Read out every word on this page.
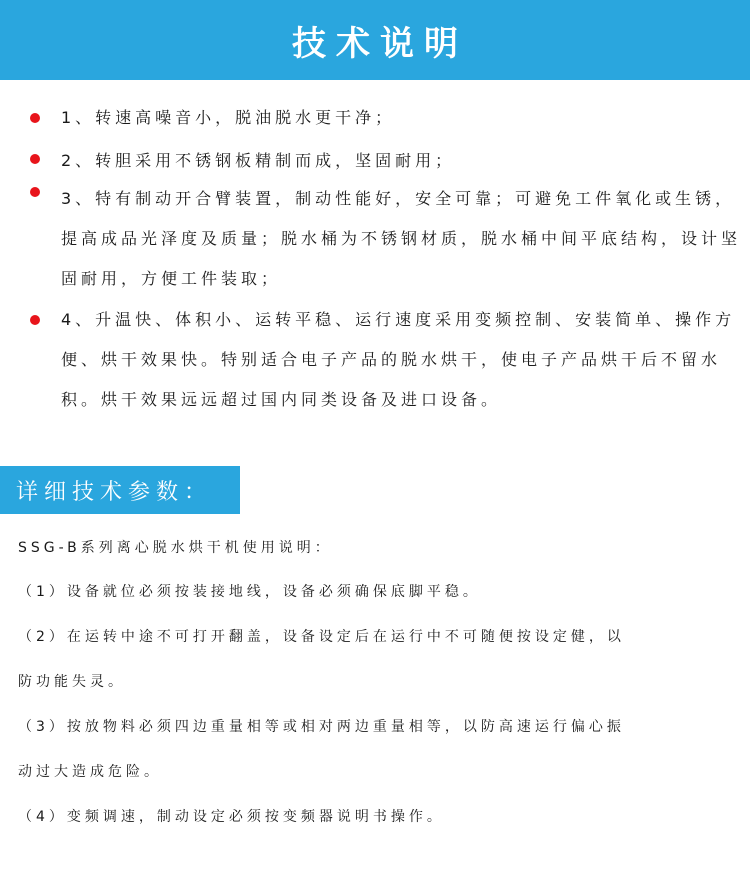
技术说明

1、转速高噪音小，脱油脱水更干净；

2、转胆采用不锈钢板精制而成，坚固耐用；

3、特有制动开合臂装置，制动性能好，安全可靠；可避免工件氧化或生锈，提高成品光泽度及质量；脱水桶为不锈钢材质，脱水桶中间平底结构，设计坚固耐用，方便工件装取；

4、升温快、体积小、运转平稳、运行速度采用变频控制、安装简单、操作方便、烘干效果快。特别适合电子产品的脱水烘干，使电子产品烘干后不留水积。烘干效果远远超过国内同类设备及进口设备。

详细技术参数：
SSG-B系列离心脱水烘干机使用说明：
（1）设备就位必须按装接地线，设备必须确保底脚平稳。
（2）在运转中途不可打开翻盖，设备设定后在运行中不可随便按设定健，以
防功能失灵。
（3）按放物料必须四边重量相等或相对两边重量相等，以防高速运行偏心振
动过大造成危险。
（4）变频调速，制动设定必须按变频器说明书操作。
